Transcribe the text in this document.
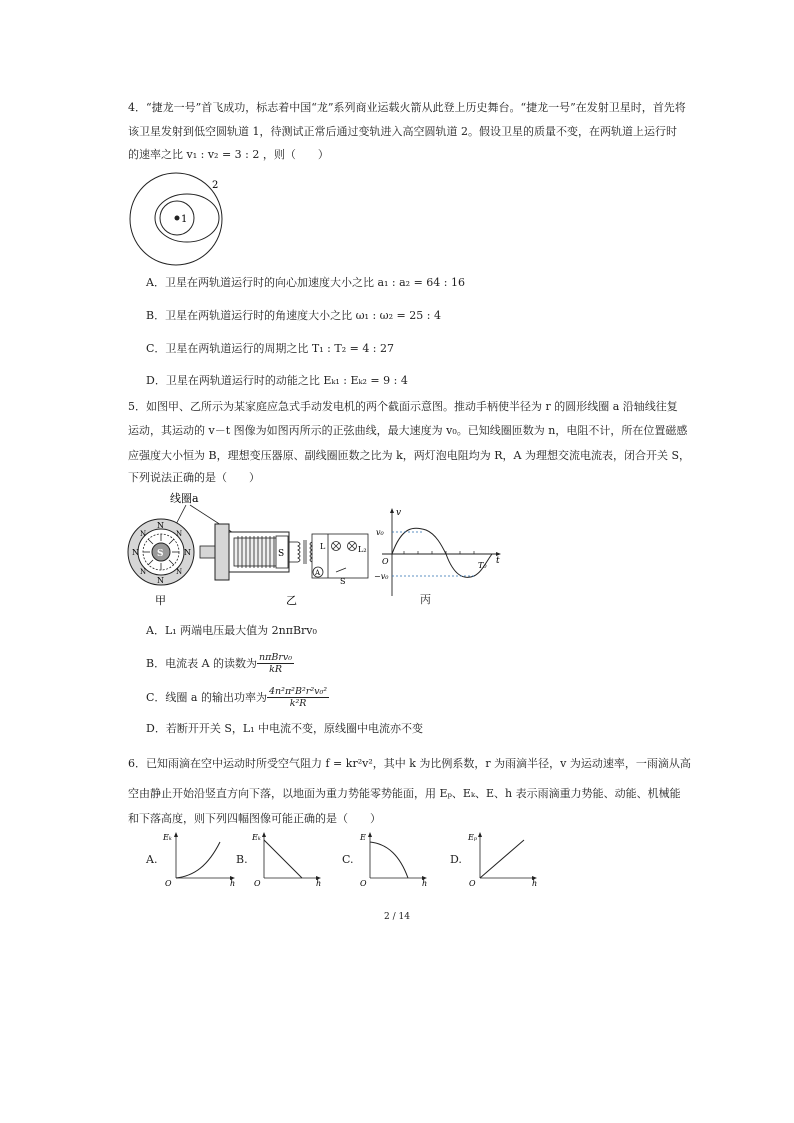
4．“捷龙一号”首飞成功，标志着中国“龙”系列商业运载火箭从此登上历史舞台。“捷龙一号”在发射卫星时，首先将
该卫星发射到低空圆轨道 1，待测试正常后通过变轨进入高空圆轨道 2。假设卫星的质量不变，在两轨道上运行时
的速率之比 v₁ : v₂ = 3 : 2 ，则（　　）
1
2
A．卫星在两轨道运行时的向心加速度大小之比 a₁ : a₂ = 64 : 16
B．卫星在两轨道运行时的角速度大小之比 ω₁ : ω₂ = 25 : 4
C．卫星在两轨道运行的周期之比 T₁ : T₂ = 4 : 27
D．卫星在两轨道运行时的动能之比 Eₖ₁ : Eₖ₂ = 9 : 4
5．如图甲、乙所示为某家庭应急式手动发电机的两个截面示意图。推动手柄使半径为 r 的圆形线圈 a 沿轴线往复
运动，其运动的 v－t 图像为如图丙所示的正弦曲线，最大速度为 v₀。已知线圈匝数为 n，电阻不计，所在位置磁感
应强度大小恒为 B，理想变压器原、副线圈匝数之比为 k，两灯泡电阻均为 R，A 为理想交流电流表，闭合开关 S，
下列说法正确的是（　　）
线圈a
S
N
N
N	N
N	N
N	N
甲
S
L	L₂
A
S
乙
v
t
v₀
−v₀
O	T₀
丙
A．L₁ 两端电压最大值为 2nπBrv₀
B．电流表 A 的读数为 $\frac{\text{nπBrv₀}}{kR}$
C．线圈 a 的输出功率为 $\frac{\text{4n²π²B²r²v₀²}}{\text{k²R}}$
D．若断开开关 S，L₁ 中电流不变，原线圈中电流亦不变
6．已知雨滴在空中运动时所受空气阻力 f = kr²v²，其中 k 为比例系数，r 为雨滴半径，v 为运动速率，一雨滴从高
空由静止开始沿竖直方向下落，以地面为重力势能零势能面，用 Eₚ、Eₖ、E、h 表示雨滴重力势能、动能、机械能
和下落高度，则下列四幅图像可能正确的是（　　）
A.
Eₖ
h
O
B.
Eₖ
h
O
C.
E
h
O
D.
Eₚ
h
O
2 / 14
